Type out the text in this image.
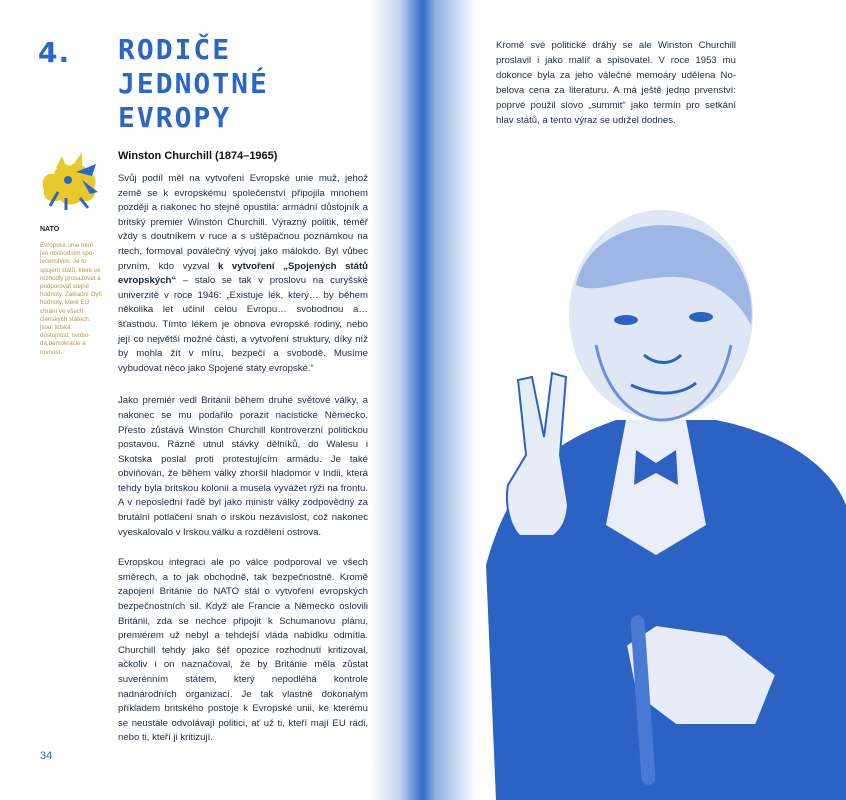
4. RODIČE JEDNOTNÉ EVROPY
NATO
Evropská unie není jen obchodním společenstvím. Je to spojení států, které se rozhodly prosazovat a podporovat stejné hodnoty. Základní čtyři hodnoty, které EU chrání ve všech členských státech, jsou: lidská důstojnost, svoboda,demokracie a rovnost.
Winston Churchill (1874–1965)

Svůj podíl měl na vytvoření Evropské unie muž, jehož země se k evropskému společenství připojila mnohem později a nakonec ho stejně opustila: armádní důstojník a britský premiér Winston Churchill. Výrazný politik, téměř vždy s doutníkem v ruce a s uštěpačnou poznámkou na rtech, formoval poválečný vývoj jako málokdo. Byl vůbec prvním, kdo vyzval k vytvoření „Spojených států evropských“ – stalo se tak v proslovu na curyšské univerzitě v roce 1946: „Existuje lék, který… by během několika let učinil celou Evropu… svobodnou a… šťastnou. Tímto lékem je obnova evropské rodiny, nebo její co největší možné části, a vytvoření struktury, díky níž by mohla žít v míru, bezpečí a svobodě. Musíme vybudovat něco jako Spojené státy evropské.“

Jako premiér vedl Británii během druhé světové války, a nakonec se mu podařilo porazit nacistické Německo. Přesto zůstává Winston Churchill kontroverzní politickou postavou. Rázně utnul stávky dělníků, do Walesu i Skotska poslal proti protestujícím armádu. Je také obviňován, že během války zhoršil hladomor v Indii, která tehdy byla britskou kolonií a musela vyvážet rýži na frontu. A v neposlední řadě byl jako ministr války zodpovědný za brutální potlačení snah o irskou nezávislost, což nakonec vyeskalovalo v Irskou válku a rozdělení ostrova.

Evropskou integraci ale po válce podporoval ve všech směrech, a to jak obchodně, tak bezpečnostně. Kromě zapojení Británie do NATO stál o vytvoření evropských bezpečnostních sil. Když ale Francie a Německo oslovili Británii, zda se nechce připojit k Schumanovu plánu, premiérem už nebyl a tehdejší vláda nabídku odmítla. Churchill tehdy jako šéf opozice rozhodnutí kritizoval, ačkoliv i on naznačoval, že by Británie měla zůstat suverénním státem, který nepodléhá kontrole nadnárodních organizací. Je tak vlastně dokonalým příkladem britského postoje k Evropské unii, ke kterému se neustále odvolávají politici, ať už ti, kteří mají EU rádi, nebo ti, kteří ji kritizují.

34
Kromě své politické dráhy se ale Winston Churchill proslavil i jako malíř a spisovatel. V roce 1953 mu dokonce byla za jeho válečné memoáry udělena Nobelova cena za literaturu. A má ještě jedno prvenství: poprvé použil slovo „summit“ jako termín pro setkání hlav států, a tento výraz se udržel dodnes.
35
